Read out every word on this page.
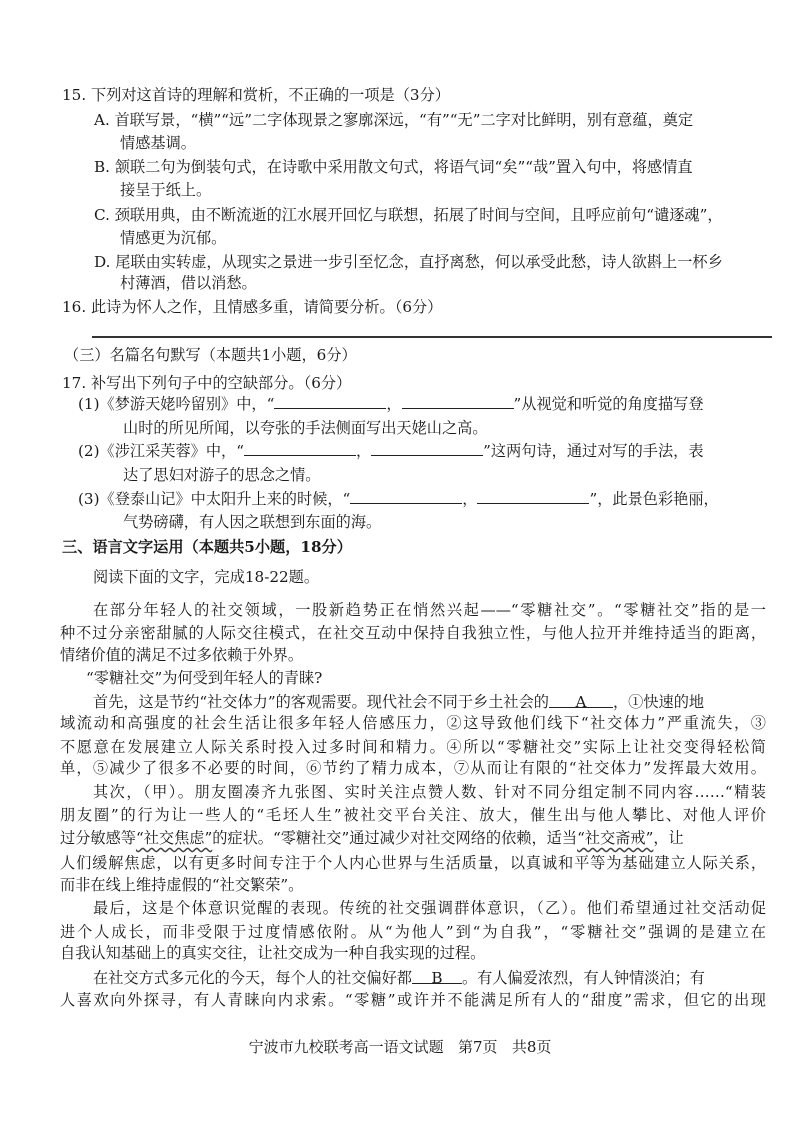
15. 下列对这首诗的理解和赏析，不正确的一项是（3分）
A. 首联写景，“横”“远”二字体现景之寥廓深远，“有”“无”二字对比鲜明，别有意蕴，奠定
情感基调。
B. 颔联二句为倒装句式，在诗歌中采用散文句式，将语气词“矣”“哉”置入句中，将感情直
接呈于纸上。
C. 颈联用典，由不断流逝的江水展开回忆与联想，拓展了时间与空间，且呼应前句“谴逐魂”，
情感更为沉郁。
D. 尾联由实转虚，从现实之景进一步引至忆念，直抒离愁，何以承受此愁，诗人欲斟上一杯乡
村薄酒，借以消愁。
16. 此诗为怀人之作，且情感多重，请简要分析。（6分）
（三）名篇名句默写（本题共1小题，6分）
17. 补写出下列句子中的空缺部分。（6分）
(1)《梦游天姥吟留别》中，“	，	”从视觉和听觉的角度描写登
山时的所见所闻，以夸张的手法侧面写出天姥山之高。
(2)《涉江采芙蓉》中，“	，	”这两句诗，通过对写的手法，表
达了思妇对游子的思念之情。
(3)《登泰山记》中太阳升上来的时候，“	，	”，此景色彩艳丽，
气势磅礴，有人因之联想到东面的海。
三、语言文字运用（本题共5小题，18分）
阅读下面的文字，完成18-22题。
在部分年轻人的社交领域，一股新趋势正在悄然兴起——“零糖社交”。“零糖社交”指的是一
种不过分亲密甜腻的人际交往模式，在社交互动中保持自我独立性，与他人拉开并维持适当的距离，
情绪价值的满足不过多依赖于外界。
“零糖社交”为何受到年轻人的青睐?
首先，这是节约“社交体力”的客观需要。现代社会不同于乡土社会的 A ，①快速的地
域流动和高强度的社会生活让很多年轻人倍感压力，②这导致他们线下“社交体力”严重流失，③
不愿意在发展建立人际关系时投入过多时间和精力。④所以“零糖社交”实际上让社交变得轻松简
单，⑤减少了很多不必要的时间，⑥节约了精力成本，⑦从而让有限的“社交体力”发挥最大效用。
其次，（甲）。朋友圈凑齐九张图、实时关注点赞人数、针对不同分组定制不同内容……“精装
朋友圈”的行为让一些人的“毛坯人生”被社交平台关注、放大，催生出与他人攀比、对他人评价
过分敏感等“社交焦虑”的症状。“零糖社交”通过减少对社交网络的依赖，适当“社交斋戒”，让
人们缓解焦虑，以有更多时间专注于个人内心世界与生活质量，以真诚和平等为基础建立人际关系，
而非在线上维持虚假的“社交繁荣”。
最后，这是个体意识觉醒的表现。传统的社交强调群体意识，（乙）。他们希望通过社交活动促
进个人成长，而非受限于过度情感依附。从“为他人”到“为自我”，“零糖社交”强调的是建立在
自我认知基础上的真实交往，让社交成为一种自我实现的过程。
在社交方式多元化的今天，每个人的社交偏好都 B 。有人偏爱浓烈，有人钟情淡泊；有
人喜欢向外探寻，有人青睐向内求索。“零糖”或许并不能满足所有人的“甜度”需求，但它的出现
宁波市九校联考高一语文试题 第7页 共8页
